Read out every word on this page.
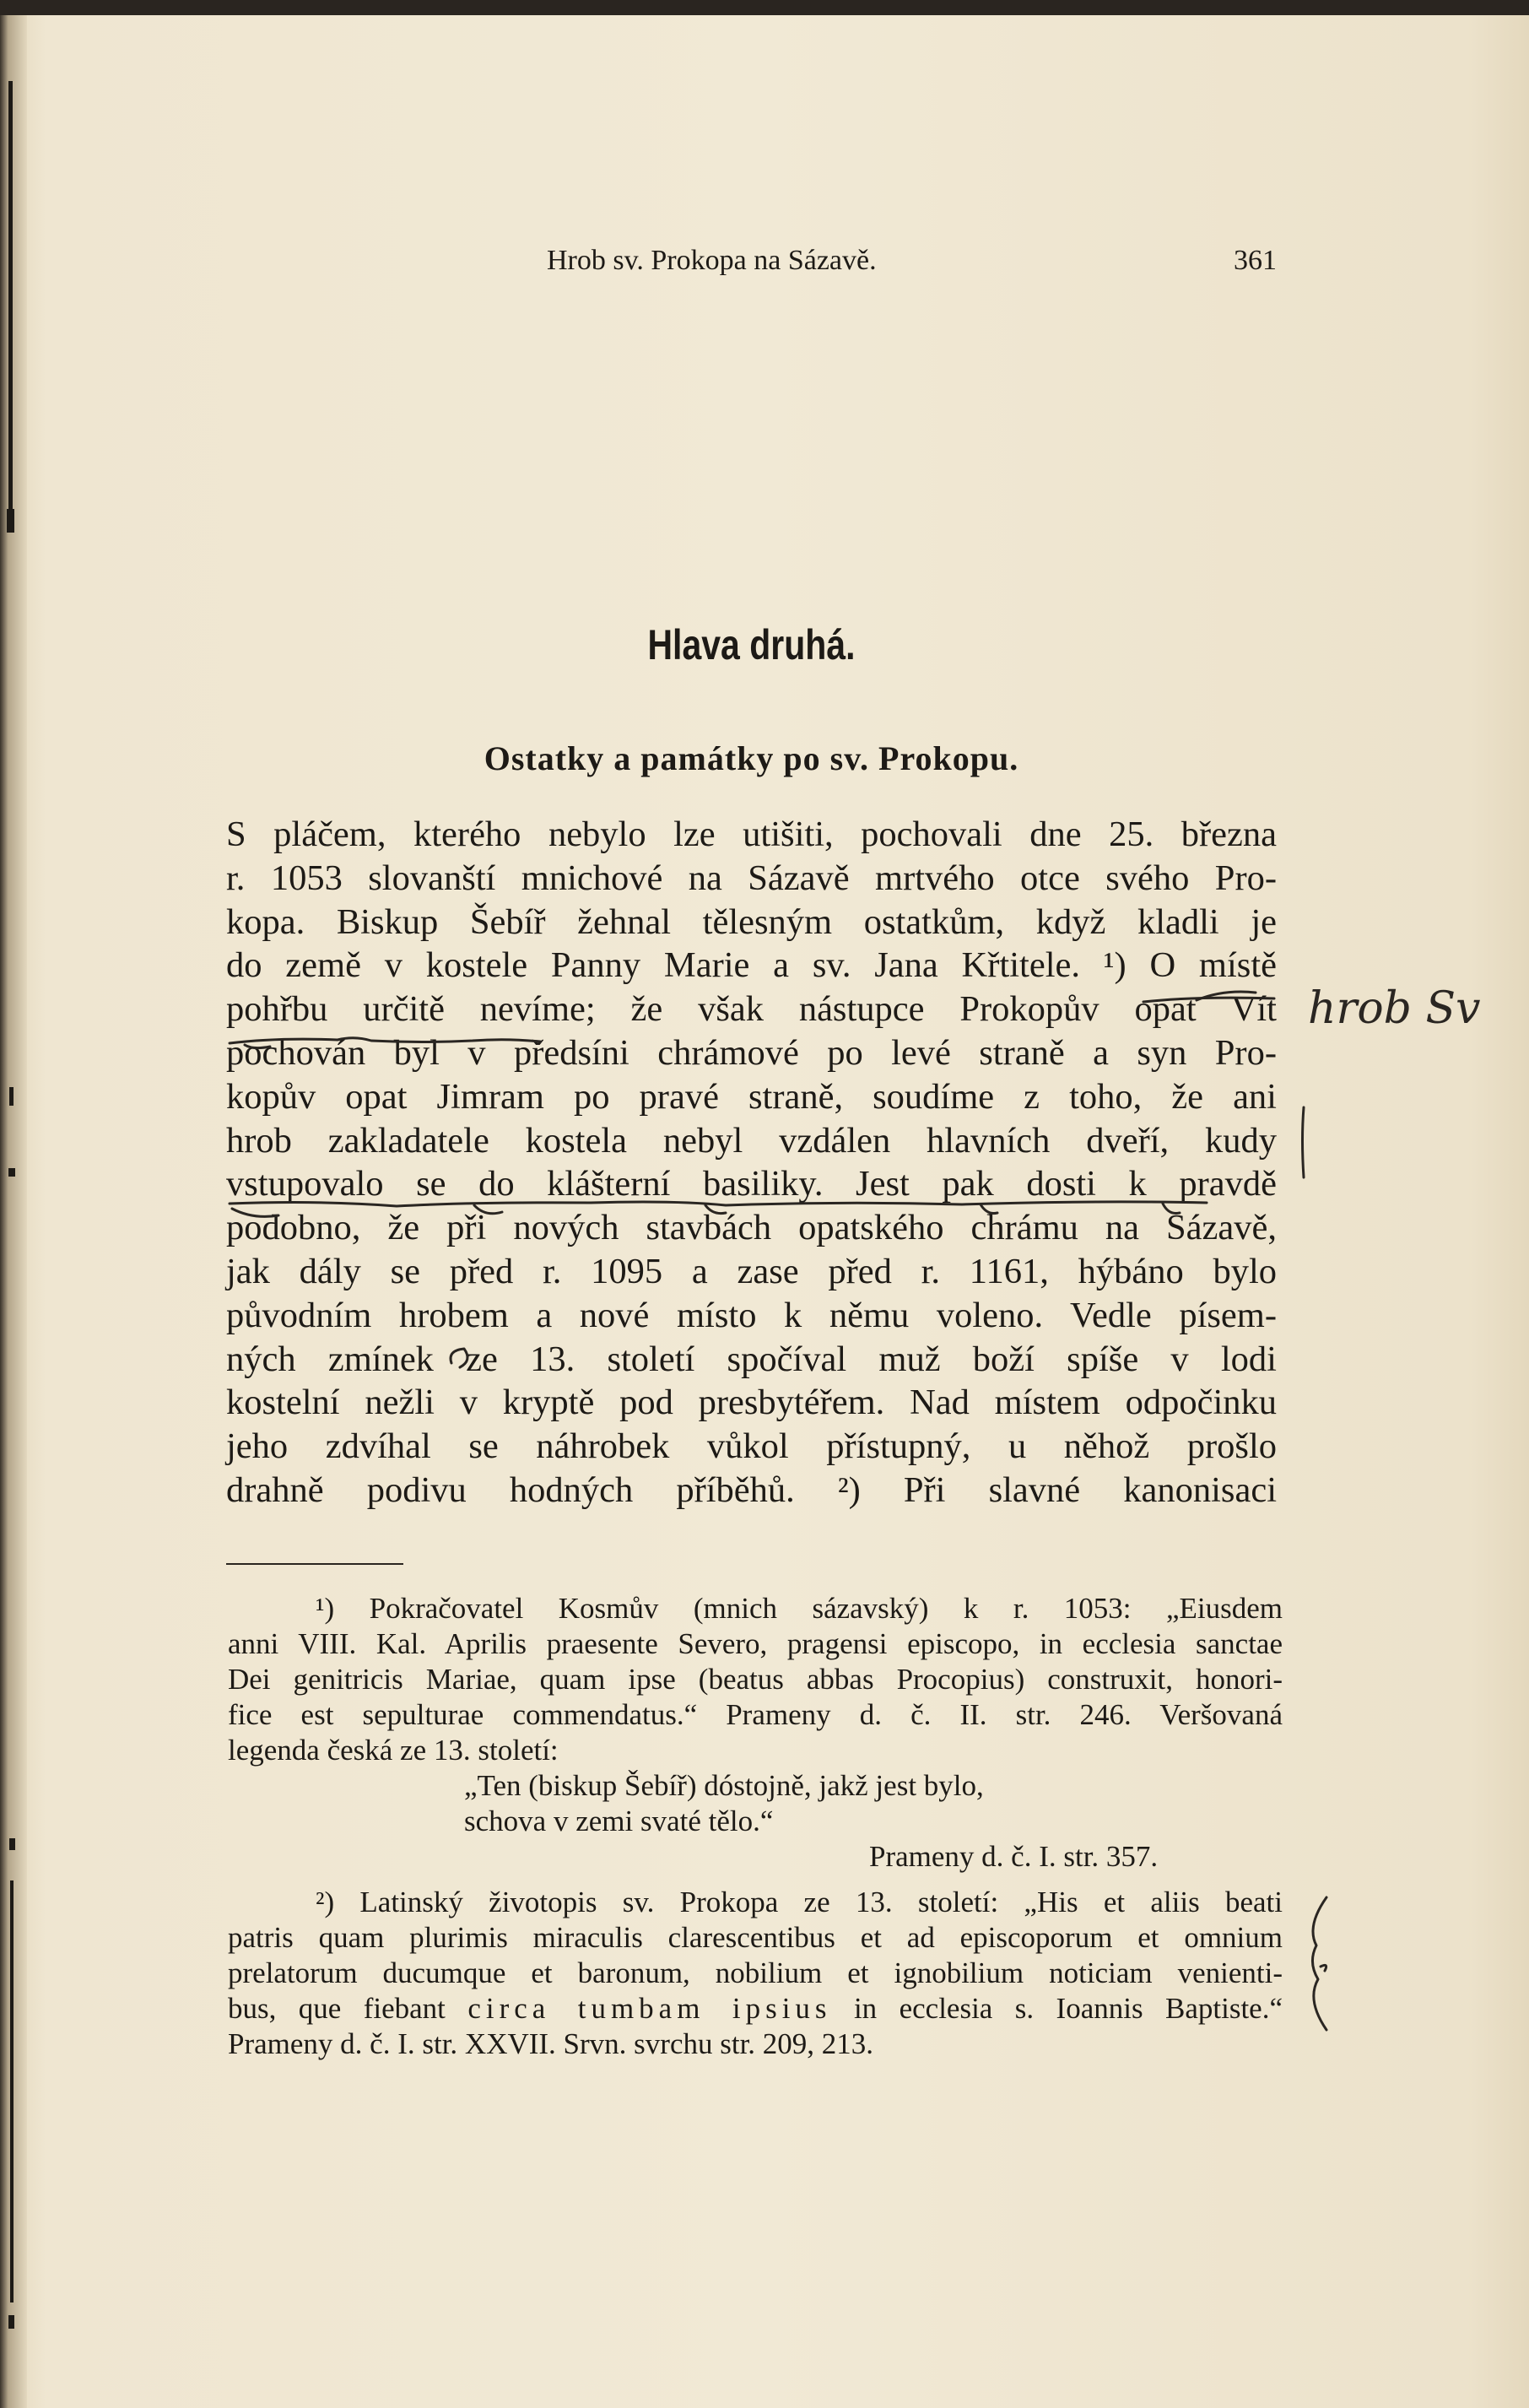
Hrob sv. Prokopa na Sázavě.	361
Hlava druhá.
Ostatky a památky po sv. Prokopu.
S pláčem, kterého nebylo lze utišiti, pochovali dne 25. března
r. 1053 slovanští mnichové na Sázavě mrtvého otce svého Pro-
kopa. Biskup Šebíř žehnal tělesným ostatkům, když kladli je
do země v kostele Panny Marie a sv. Jana Křtitele. ¹) O místě
pohřbu určitě nevíme; že však nástupce Prokopův opat Vít
pochován byl v předsíni chrámové po levé straně a syn Pro-
kopův opat Jimram po pravé straně, soudíme z toho, že ani
hrob zakladatele kostela nebyl vzdálen hlavních dveří, kudy
vstupovalo se do klášterní basiliky. Jest pak dosti k pravdě
podobno, že při nových stavbách opatského chrámu na Sázavě,
jak dály se před r. 1095 a zase před r. 1161, hýbáno bylo
původním hrobem a nové místo k němu voleno. Vedle písem-
ných zmínek ze 13. století spočíval muž boží spíše v lodi
kostelní nežli v kryptě pod presbytéřem. Nad místem odpočinku
jeho zdvíhal se náhrobek vůkol přístupný, u něhož prošlo
drahně podivu hodných příběhů. ²) Při slavné kanonisaci
¹) Pokračovatel Kosmův (mnich sázavský) k r. 1053: „Eiusdem
anni VIII. Kal. Aprilis praesente Severo, pragensi episcopo, in ecclesia sanctae
Dei genitricis Mariae, quam ipse (beatus abbas Procopius) construxit, honori-
fice est sepulturae commendatus.“ Prameny d. č. II. str. 246. Veršovaná
legenda česká ze 13. století:
„Ten (biskup Šebíř) dóstojně, jakž jest bylo,
schova v zemi svaté tělo.“
Prameny d. č. I. str. 357.
²) Latinský životopis sv. Prokopa ze 13. století: „His et aliis beati
patris quam plurimis miraculis clarescentibus et ad episcoporum et omnium
prelatorum ducumque et baronum, nobilium et ignobilium noticiam venienti-
bus, que fiebant circa tumbam ipsius in ecclesia s. Ioannis Baptiste.“
Prameny d. č. I. str. XXVII. Srvn. svrchu str. 209, 213.
hrob Sv
